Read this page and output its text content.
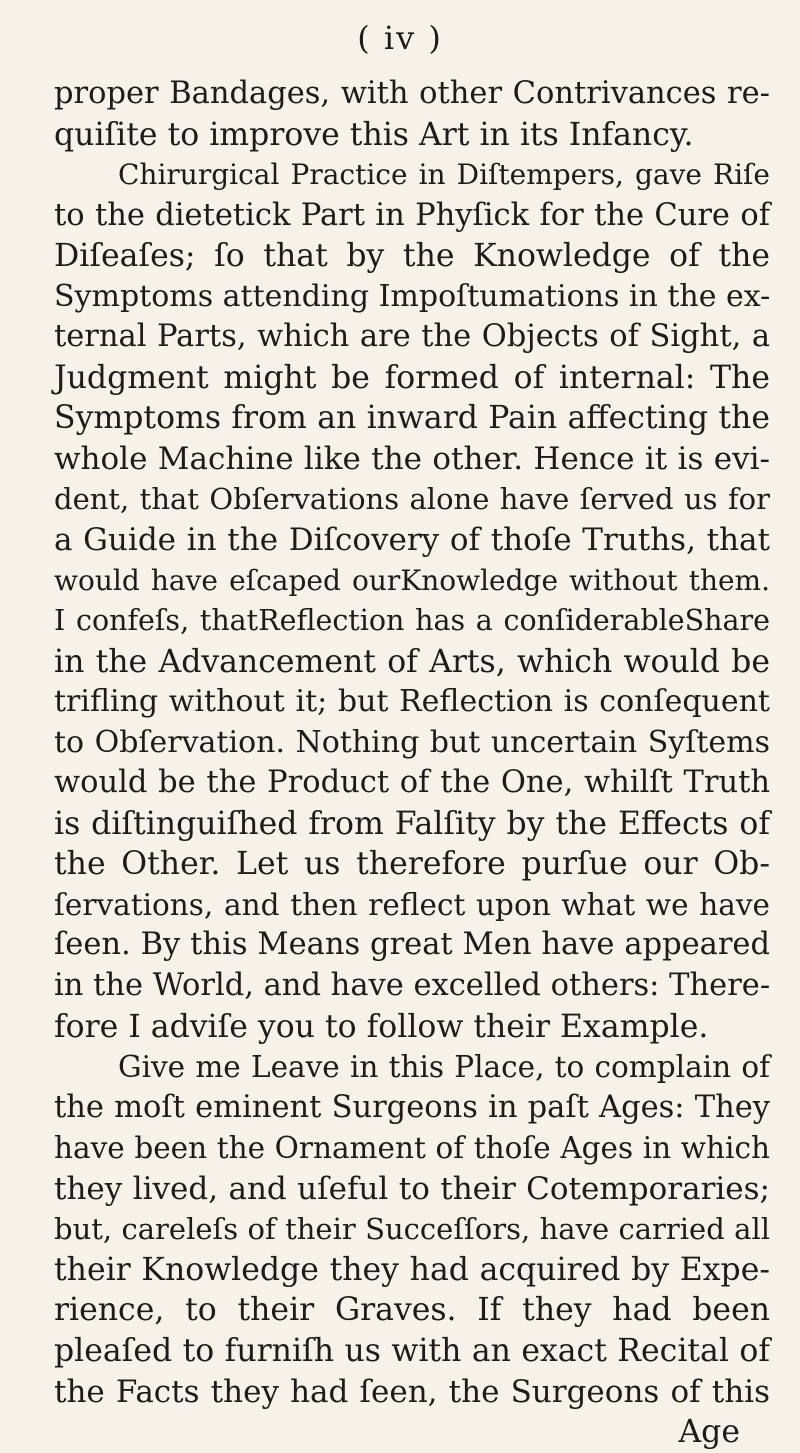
( iv )
proper Bandages, with other Contrivances re-
quiſite to improve this Art in its Infancy.
Chirurgical Practice in Diſtempers, gave Riſe
to the dietetick Part in Phyſick for the Cure of
Diſeaſes; ſo that by the Knowledge of the
Symptoms attending Impoſtumations in the ex-
ternal Parts, which are the Objects of Sight, a
Judgment might be formed of internal: The
Symptoms from an inward Pain affecting the
whole Machine like the other. Hence it is evi-
dent, that Obſervations alone have ſerved us for
a Guide in the Diſcovery of thoſe Truths, that
would have eſcaped ourKnowledge without them.
I confeſs, thatReflection has a conſiderableShare
in the Advancement of Arts, which would be
trifling without it; but Reflection is conſequent
to Obſervation. Nothing but uncertain Syſtems
would be the Product of the One, whilſt Truth
is diſtinguiſhed from Falſity by the Effects of
the Other. Let us therefore purſue our Ob-
ſervations, and then reflect upon what we have
ſeen. By this Means great Men have appeared
in the World, and have excelled others: There-
fore I adviſe you to follow their Example.
Give me Leave in this Place, to complain of
the moſt eminent Surgeons in paſt Ages: They
have been the Ornament of thoſe Ages in which
they lived, and uſeful to their Cotemporaries;
but, careleſs of their Succeſſors, have carried all
their Knowledge they had acquired by Expe-
rience, to their Graves. If they had been
pleaſed to furniſh us with an exact Recital of
the Facts they had ſeen, the Surgeons of this
Age
